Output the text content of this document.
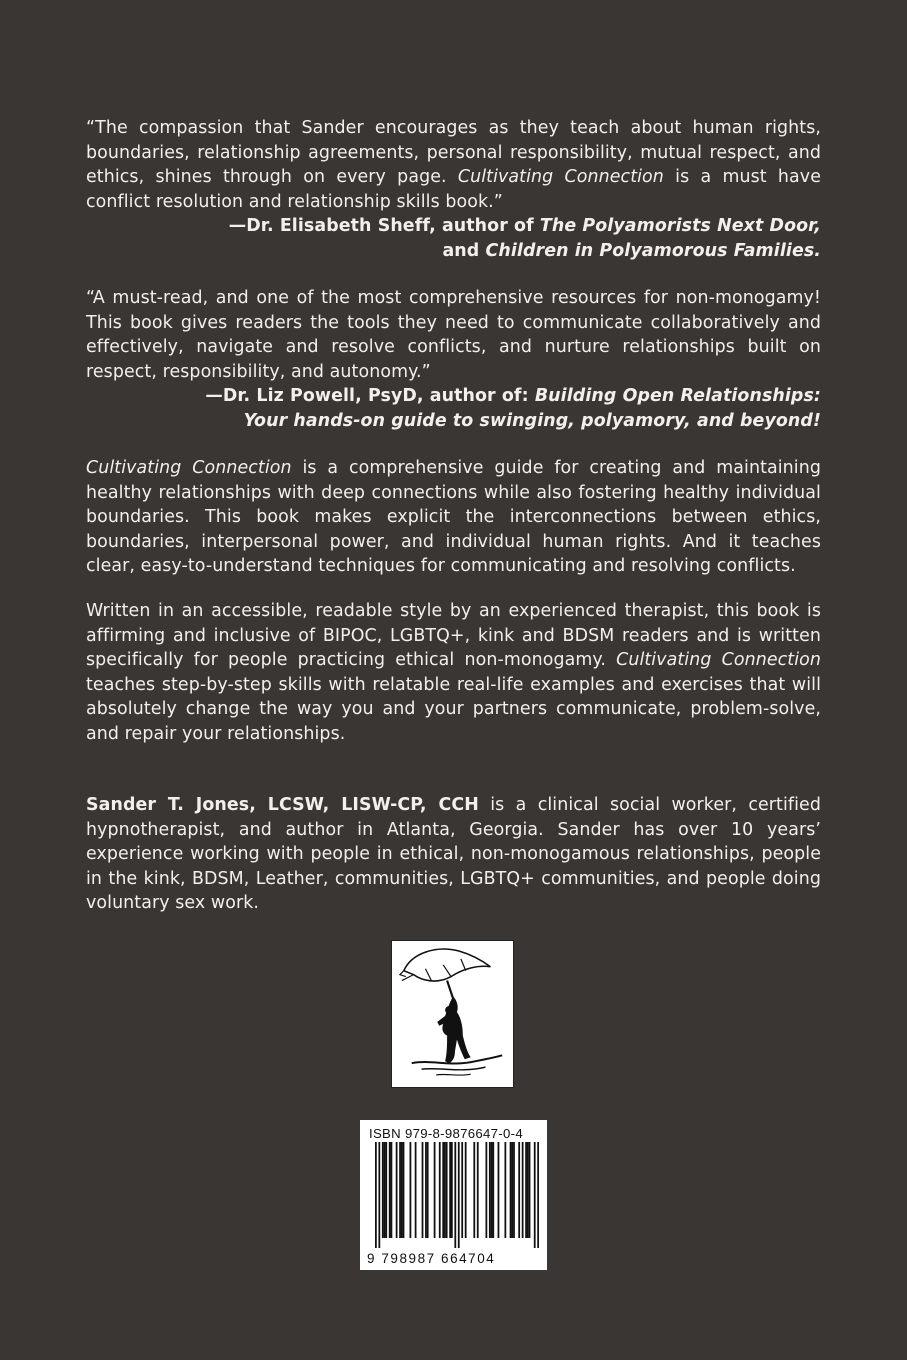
“The compassion that Sander encourages as they teach about human rights, boundaries, relationship agreements, personal responsibility, mutual respect, and ethics, shines through on every page. Cultivating Connection is a must have conflict resolution and relationship skills book.”

—Dr. Elisabeth Sheff, author of The Polyamorists Next Door,

and Children in Polyamorous Families.

“A must-read, and one of the most comprehensive resources for non-monogamy! This book gives readers the tools they need to communicate collaboratively and effectively, navigate and resolve conflicts, and nurture relationships built on respect, responsibility, and autonomy.”

—Dr. Liz Powell, PsyD, author of: Building Open Relationships:

Your hands-on guide to swinging, polyamory, and beyond!

Cultivating Connection is a comprehensive guide for creating and maintaining healthy relationships with deep connections while also fostering healthy individual boundaries. This book makes explicit the interconnections between ethics, boundaries, interpersonal power, and individual human rights. And it teaches clear, easy-to-understand techniques for communicating and resolving conflicts.

Written in an accessible, readable style by an experienced therapist, this book is affirming and inclusive of BIPOC, LGBTQ+, kink and BDSM readers and is written specifically for people practicing ethical non-monogamy. Cultivating Connection teaches step-by-step skills with relatable real-life examples and exercises that will absolutely change the way you and your partners communicate, problem-solve, and repair your relationships.

Sander T. Jones, LCSW, LISW-CP, CCH is a clinical social worker, certified hypnotherapist, and author in Atlanta, Georgia. Sander has over 10 years’ experience working with people in ethical, non-monogamous relationships, people in the kink, BDSM, Leather, communities, LGBTQ+ communities, and people doing voluntary sex work.

ISBN 979-8-9876647-0-4
9 798987 664704
